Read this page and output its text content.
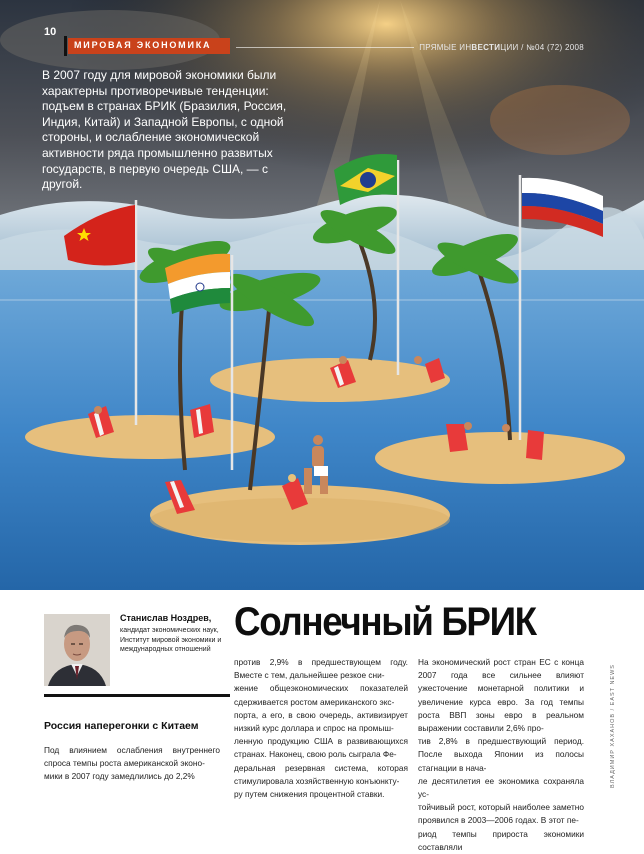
10
МИРОВАЯ ЭКОНОМИКА	ПРЯМЫЕ ИНВЕСТИЦИИ / №04 (72) 2008
В 2007 году для мировой экономики были характерны противоречивые тенденции: подъем в странах БРИК (Бразилия, Россия, Индия, Китай) и Западной Европы, с одной стороны, и ослабление экономической активности ряда промышленно развитых государств, в первую очередь США, — с другой.
ВЛАДИМИР ХАХАНОВ / EAST NEWS
Станислав Ноздрев,
кандидат экономических наук, Институт мировой экономики и международных отношений
Россия наперегонки с Китаем
Солнечный БРИК
Под влиянием ослабления внутреннего спроса темпы роста американской эконо-
мики в 2007 году замедлились до 2,2%
против 2,9% в предшествующем году. Вместе с тем, дальнейшее резкое сни-
жение общеэкономических показателей сдерживается ростом американского экс-
порта, а его, в свою очередь, активизирует низкий курс доллара и спрос на промыш-
ленную продукцию США в развивающихся странах. Наконец, свою роль сыграла Фе-
деральная резервная система, которая стимулировала хозяйственную конъюнкту-
ру путем снижения процентной ставки.
На экономический рост стран ЕС с конца 2007 года все сильнее влияют ужесточение монетарной политики и увеличение курса евро. За год темпы роста ВВП зоны евро в реальном выражении составили 2,6% про-
тив 2,8% в предшествующий период. После выхода Японии из полосы стагнации в нача-
ле десятилетия ее экономика сохраняла ус-
тойчивый рост, который наиболее заметно проявился в 2003—2006 годах. В этот пе-
риод темпы прироста экономики составляли
